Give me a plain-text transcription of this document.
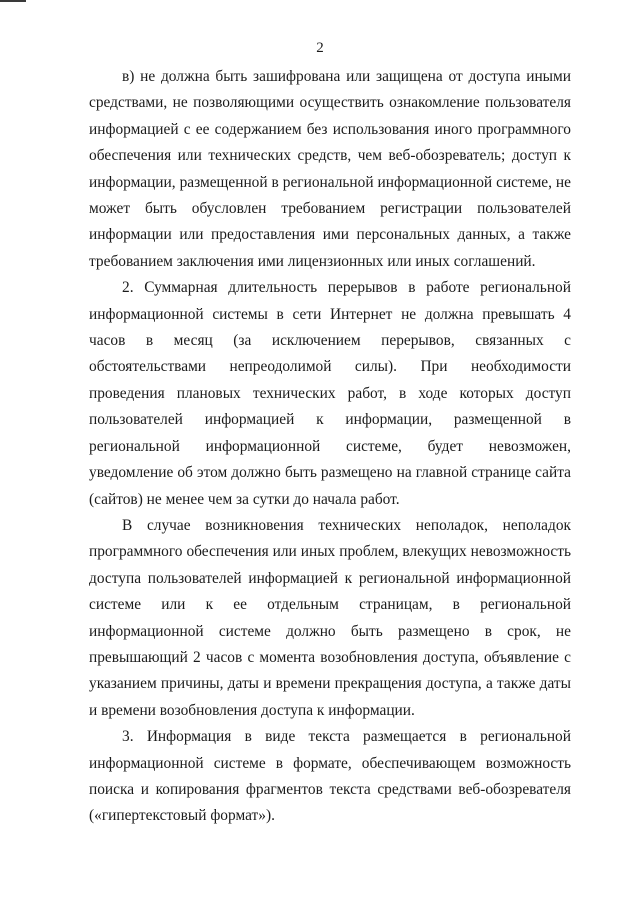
2

в) не должна быть зашифрована или защищена от доступа иными средствами, не позволяющими осуществить ознакомление пользователя информацией с ее содержанием без использования иного программного обеспечения или технических средств, чем веб-обозреватель; доступ к информации, размещенной в региональной информационной системе, не может быть обусловлен требованием регистрации пользователей информации или предоставления ими персональных данных, а также требованием заключения ими лицензионных или иных соглашений.

2. Суммарная длительность перерывов в работе региональной информационной системы в сети Интернет не должна превышать 4 часов в месяц (за исключением перерывов, связанных с обстоятельствами непреодолимой силы). При необходимости проведения плановых технических работ, в ходе которых доступ пользователей информацией к информации, размещенной в региональной информационной системе, будет невозможен, уведомление об этом должно быть размещено на главной странице сайта (сайтов) не менее чем за сутки до начала работ.

В случае возникновения технических неполадок, неполадок программного обеспечения или иных проблем, влекущих невозможность доступа пользователей информацией к региональной информационной системе или к ее отдельным страницам, в региональной информационной системе должно быть размещено в срок, не превышающий 2 часов с момента возобновления доступа, объявление с указанием причины, даты и времени прекращения доступа, а также даты и времени возобновления доступа к информации.

3. Информация в виде текста размещается в региональной информационной системе в формате, обеспечивающем возможность поиска и копирования фрагментов текста средствами веб-обозревателя («гипертекстовый формат»).
